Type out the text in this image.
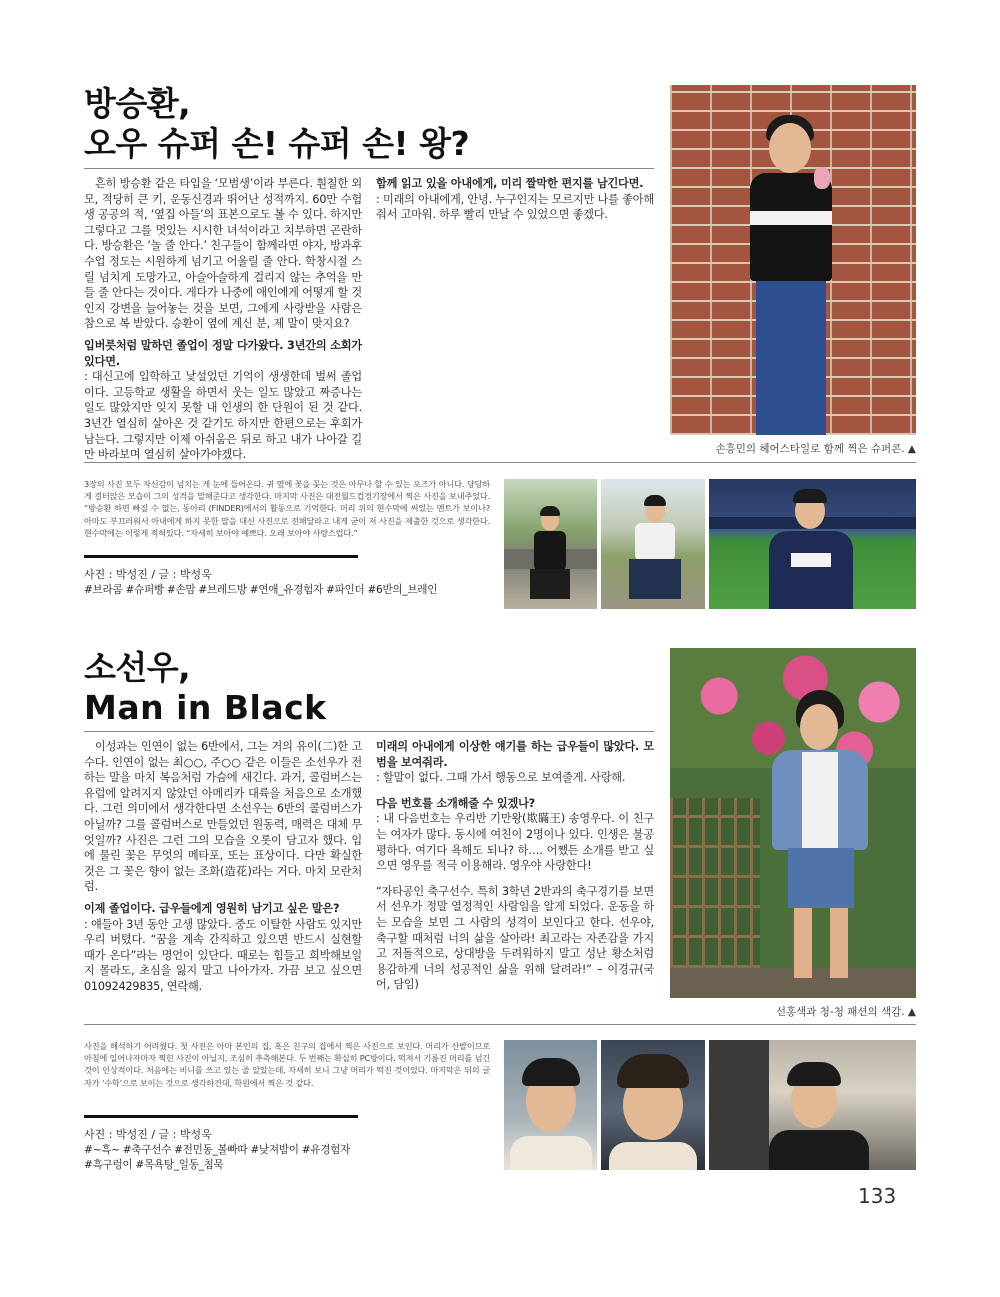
방승환,
오우 슈퍼 손! 슈퍼 손! 왕?

흔히 방승환 같은 타입을 ‘모범생’이라 부른다. 훤칠한 외모, 적당히 큰 키, 운동신경과 뛰어난 성적까지. 60만 수험생 공공의 적, ‘옆집 아들’의 표본으로도 볼 수 있다. 하지만 그렇다고 그를 멋있는 시시한 녀석이라고 치부하면 곤란하다. 방승환은 ‘놀 줄 안다.’ 친구들이 함께라면 야자, 방과후 수업 정도는 시원하게 넘기고 어울릴 줄 안다. 학창시절 스릴 넘치게 도망가고, 아슬아슬하게 걸리지 않는 추억을 만들 줄 안다는 것이다. 게다가 나중에 애인에게 어떻게 할 것인지 강변을 늘어놓는 것을 보면, 그에게 사랑받을 사람은 참으로 복 받았다. 승환이 옆에 계신 분, 제 말이 맞지요?

입버릇처럼 말하던 졸업이 정말 다가왔다. 3년간의 소회가 있다면.

: 대신고에 입학하고 낯설었던 기억이 생생한데 벌써 졸업이다. 고등학교 생활을 하면서 웃는 일도 많았고 짜증나는 일도 많았지만 잊지 못할 내 인생의 한 단원이 된 것 같다. 3년간 열심히 살아온 것 같기도 하지만 한편으로는 후회가 남는다. 그렇지만 이제 아쉬움은 뒤로 하고 내가 나아갈 길만 바라보며 열심히 살아가야겠다.

함께 읽고 있을 아내에게, 미리 짤막한 편지를 남긴다면.

: 미래의 아내에게, 안녕. 누구인지는 모르지만 나를 좋아해줘서 고마워. 하루 빨리 만날 수 있었으면 좋겠다.

손흥민의 헤어스타일로 함께 찍은 슈퍼콘. ▲
3장의 사진 모두 자신감이 넘치는 게 눈에 들어온다. 귀 옆에 꽃을 꽂는 것은 아무나 할 수 있는 포즈가 아니다. 당당하게 걸터앉은 모습이 그의 성격을 말해준다고 생각한다. 마지막 사진은 대전월드컵경기장에서 찍은 사진을 보내주었다. “방승환 하면 빠질 수 없는, 동아리 (FINDER)에서의 활동으로 기억한다. 머리 위의 현수막에 써있는 멘트가 보이나? 아마도 부끄러워서 아내에게 하지 못한 말을 대신 사진으로 전해달라고 내게 굳이 저 사진을 제출한 것으로 생각한다. 현수막에는 이렇게 적혀있다. “자세히 보아야 예쁘다. 오래 보아야 사랑스럽다.”
사진 : 박성진 / 글 : 박성욱
#브라콤 #슈퍼빵 #손맘 #브레드방 #연애_유경험자 #파인더 #6반의_브레인
소선우,
Man in Black

이성과는 인연이 없는 6반에서, 그는 거의 유이(二)한 고수다. 인연이 없는 최○○, 주○○ 같은 이들은 소선우가 전하는 말을 마치 복음처럼 가슴에 새긴다. 과거, 콜럼버스는 유럽에 알려지지 않았던 아메리카 대륙을 처음으로 소개했다. 그런 의미에서 생각한다면 소선우는 6반의 콜럼버스가 아닐까? 그를 콜럼버스로 만들었던 원동력, 매력은 대체 무엇일까? 사진은 그런 그의 모습을 오롯이 담고자 했다. 입에 물린 꽃은 무엇의 메타포, 또는 표상이다. 다만 확실한 것은 그 꽃은 향이 없는 조화(造花)라는 거다. 마치 모란처럼.

이제 졸업이다. 급우들에게 영원히 남기고 싶은 말은?

: 얘들아 3년 동안 고생 많았다. 중도 이탈한 사람도 있지만 우리 버텼다. “꿈을 계속 간직하고 있으면 반드시 실현할 때가 온다”라는 명언이 있단다. 때로는 힘들고 희박해보일지 몰라도, 초심을 잃지 말고 나아가자. 가끔 보고 싶으면 01092429835, 연락해.

미래의 아내에게 이상한 얘기를 하는 급우들이 많았다. 모범을 보여줘라.

: 할말이 없다. 그때 가서 행동으로 보여줄게. 사랑해.

다음 번호를 소개해줄 수 있겠나?

: 내 다음번호는 우리반 기만왕(欺瞞王) 송영우다. 이 친구는 여자가 많다. 동시에 여친이 2명이나 있다. 인생은 불공평하다. 여기다 욕해도 되나? 하…. 어쨌든 소개를 받고 싶으면 영우를 적극 이용해라. 영우야 사랑한다!

“자타공인 축구선수. 특히 3학년 2반과의 축구경기를 보면서 선우가 정말 열정적인 사람임을 알게 되었다. 운동을 하는 모습을 보면 그 사람의 성격이 보인다고 한다. 선우야, 축구할 때처럼 너의 삶을 살아라! 최고라는 자존감을 가지고 저돌적으로, 상대방을 두려워하지 말고 성난 황소처럼 용감하게 너의 성공적인 삶을 위해 달려라!” – 이경규(국어, 담임)

선홍색과 청-청 패션의 색감. ▲
사진을 해석하기 어려웠다. 첫 사진은 아마 본인의 집, 혹은 친구의 집에서 찍은 사진으로 보인다. 머리가 산발이므로 아침에 일어나자마자 찍힌 사진이 아닐지, 조심히 추측해본다. 두 번째는 확실히 PC방이다. 떡져서 기름진 머리를 넘긴 것이 인상적이다. 처음에는 비니를 쓰고 있는 줄 알았는데, 자세히 보니 그냥 머리가 떡진 것이었다. 마지막은 뒤의 글자가 ‘수학’으로 보이는 것으로 생각하건대, 학원에서 찍은 것 같다.
사진 : 박성진 / 글 : 박성욱
#~흑~ #축구선수 #전민동_볼빠따 #낮져밤이 #유경험자
#흑구렁이 #목욕탕_일동_침묵
133
